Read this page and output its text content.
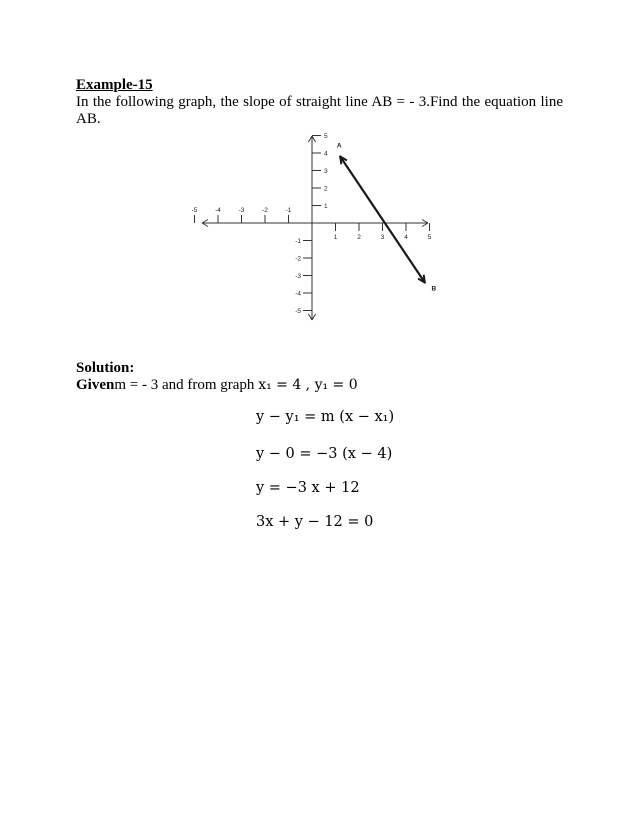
Example-15
In the following graph, the slope of straight line AB = - 3.Find the equation line AB.
-5	-4	-3	-2	-1
1	2	3	4	5
5
4
3
2
1
-1
-2
-3
-4
-5
A
B
Solution:
Givenm = - 3 and from graph x₁ = 4 , y₁ = 0
y − y₁ = m (x − x₁)
y − 0 = −3 (x − 4)
y = −3 x + 12
3x + y − 12 = 0
